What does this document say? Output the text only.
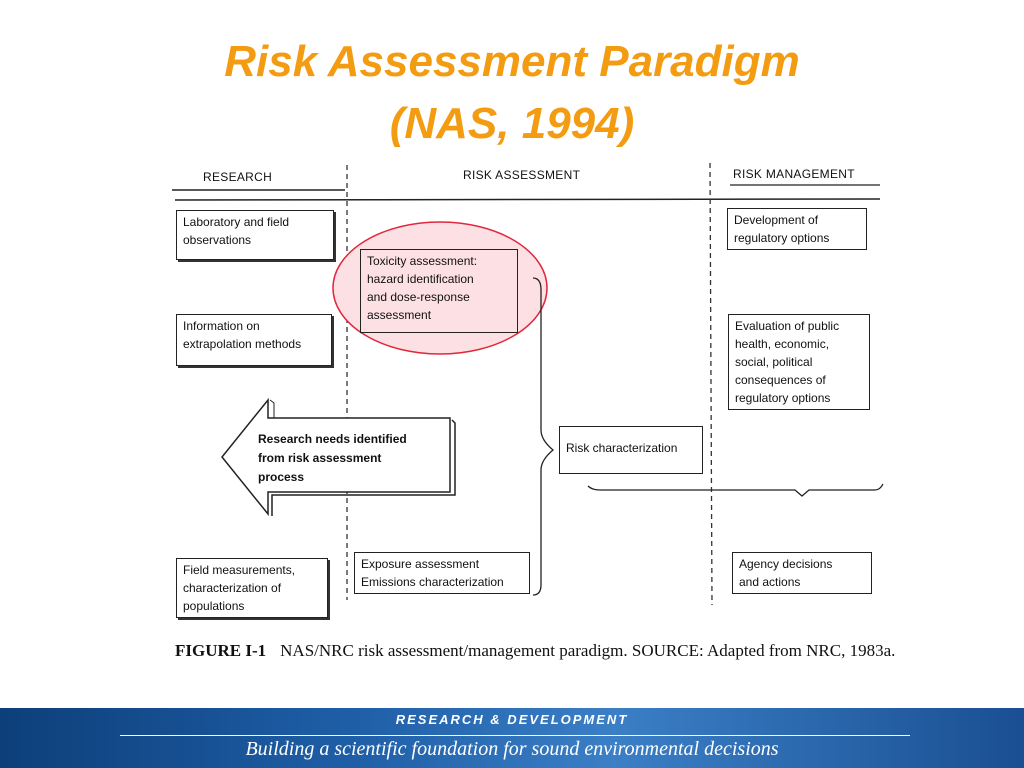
Risk Assessment Paradigm
(NAS, 1994)
RESEARCH	RISK ASSESSMENT	RISK MANAGEMENT
Laboratory and field
observations
Information on
extrapolation methods
Field measurements,
characterization of
populations
Toxicity assessment:
hazard identification
and dose-response
assessment
Risk characterization
Exposure assessment
Emissions characterization
Development of
regulatory options
Evaluation of public
health, economic,
social, political
consequences of
regulatory options
Agency decisions
and actions
Research needs identified
from risk assessment
process
FIGURE I-1 NAS/NRC risk assessment/management paradigm. SOURCE: Adapted from NRC, 1983a.
RESEARCH & DEVELOPMENT
Building a scientific foundation for sound environmental decisions
